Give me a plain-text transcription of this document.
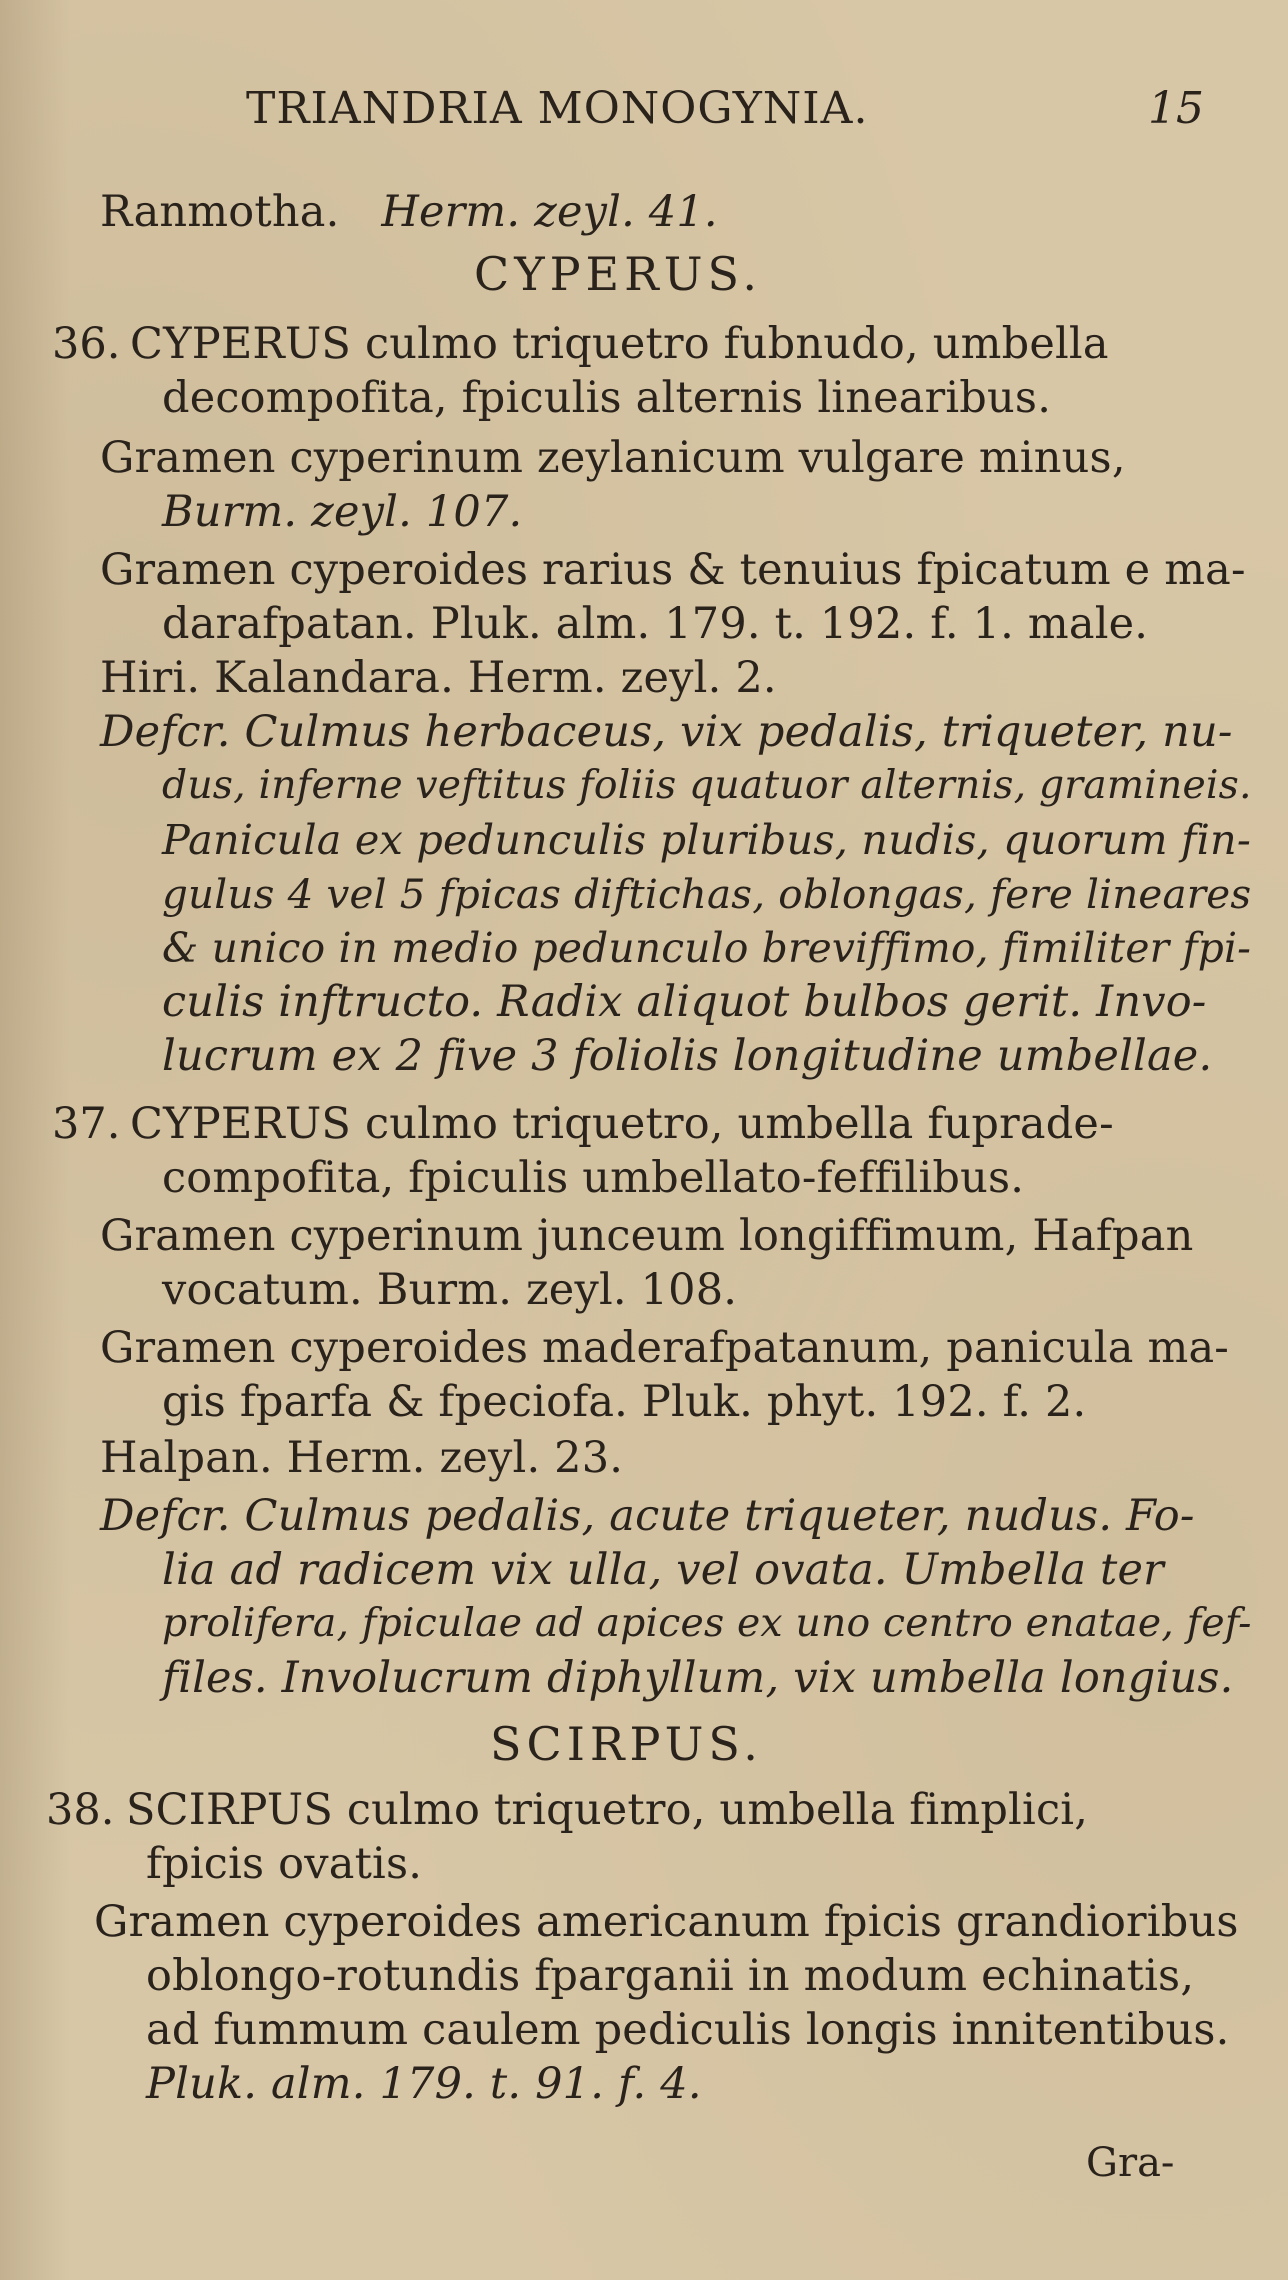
TRIANDRIA MONOGYNIA.	15
Ranmotha. Herm. zeyl. 41.
CYPERUS.
36. CYPERUS culmo triquetro fubnudo, umbella
decompofita, fpiculis alternis linearibus.
Gramen cyperinum zeylanicum vulgare minus,
Burm. zeyl. 107.
Gramen cyperoides rarius & tenuius fpicatum e ma-
darafpatan. Pluk. alm. 179. t. 192. f. 1. male.
Hiri. Kalandara. Herm. zeyl. 2.
Defcr. Culmus herbaceus, vix pedalis, triqueter, nu-
dus, inferne veftitus foliis quatuor alternis, gramineis.
Panicula ex pedunculis pluribus, nudis, quorum fin-
gulus 4 vel 5 fpicas diftichas, oblongas, fere lineares
& unico in medio pedunculo breviffimo, fimiliter fpi-
culis inftructo. Radix aliquot bulbos gerit. Invo-
lucrum ex 2 five 3 foliolis longitudine umbellae.
37. CYPERUS culmo triquetro, umbella fuprade-
compofita, fpiculis umbellato-feffilibus.
Gramen cyperinum junceum longiffimum, Hafpan
vocatum. Burm. zeyl. 108.
Gramen cyperoides maderafpatanum, panicula ma-
gis fparfa & fpeciofa. Pluk. phyt. 192. f. 2.
Halpan. Herm. zeyl. 23.
Defcr. Culmus pedalis, acute triqueter, nudus. Fo-
lia ad radicem vix ulla, vel ovata. Umbella ter
prolifera, fpiculae ad apices ex uno centro enatae, fef-
files. Involucrum diphyllum, vix umbella longius.
SCIRPUS.
38. SCIRPUS culmo triquetro, umbella fimplici,
fpicis ovatis.
Gramen cyperoides americanum fpicis grandioribus
oblongo-rotundis fparganii in modum echinatis,
ad fummum caulem pediculis longis innitentibus.
Pluk. alm. 179. t. 91. f. 4.
Gra-
